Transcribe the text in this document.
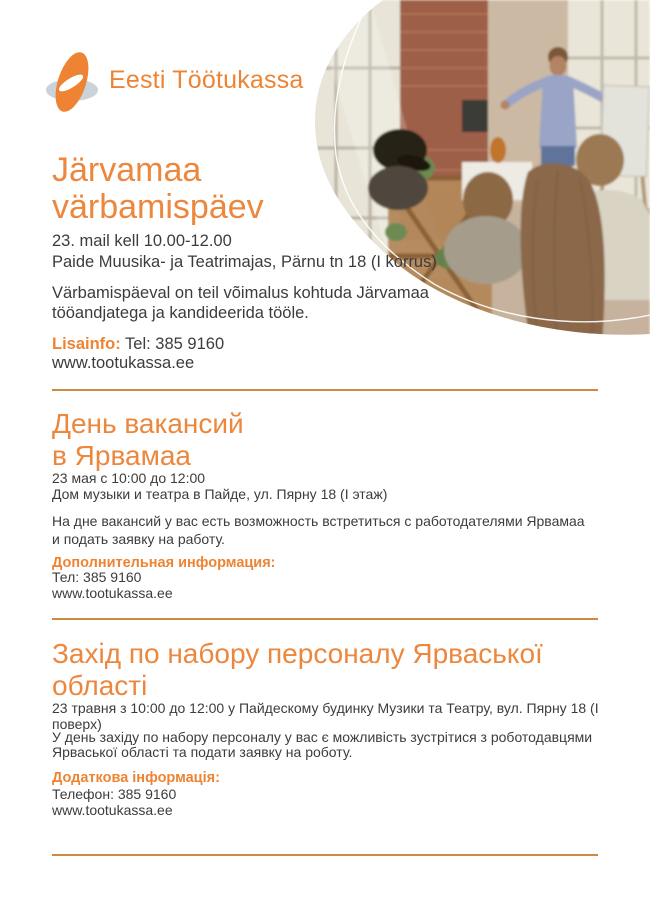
Eesti Töötukassa
Järvamaa
värbamispäev
23. mail kell 10.00-12.00
Paide Muusika- ja Teatrimajas, Pärnu tn 18 (I korrus)
Värbamispäeval on teil võimalus kohtuda Järvamaa
tööandjatega ja kandideerida tööle.
Lisainfo: Tel: 385 9160
www.tootukassa.ee
День вакансий
в Ярвамаа
23 мая с 10:00 до 12:00
Дом музыки и театра в Пайде, ул. Пярну 18 (I этаж)
На дне вакансий у вас есть возможность встретиться с работодателями Ярвамаа
и подать заявку на работу.
Дополнительная информация:
Тел: 385 9160
www.tootukassa.ee
Захід по набору персоналу Ярваської
області
23 травня з 10:00 до 12:00 у Пайдескому будинку Музики та Театру, вул. Пярну 18 (I поверх)
У день західу по набору персоналу у вас є можливість зустрітися з роботодавцями
Ярваської області та подати заявку на роботу.
Додаткова інформація:
Телефон: 385 9160
www.tootukassa.ee
